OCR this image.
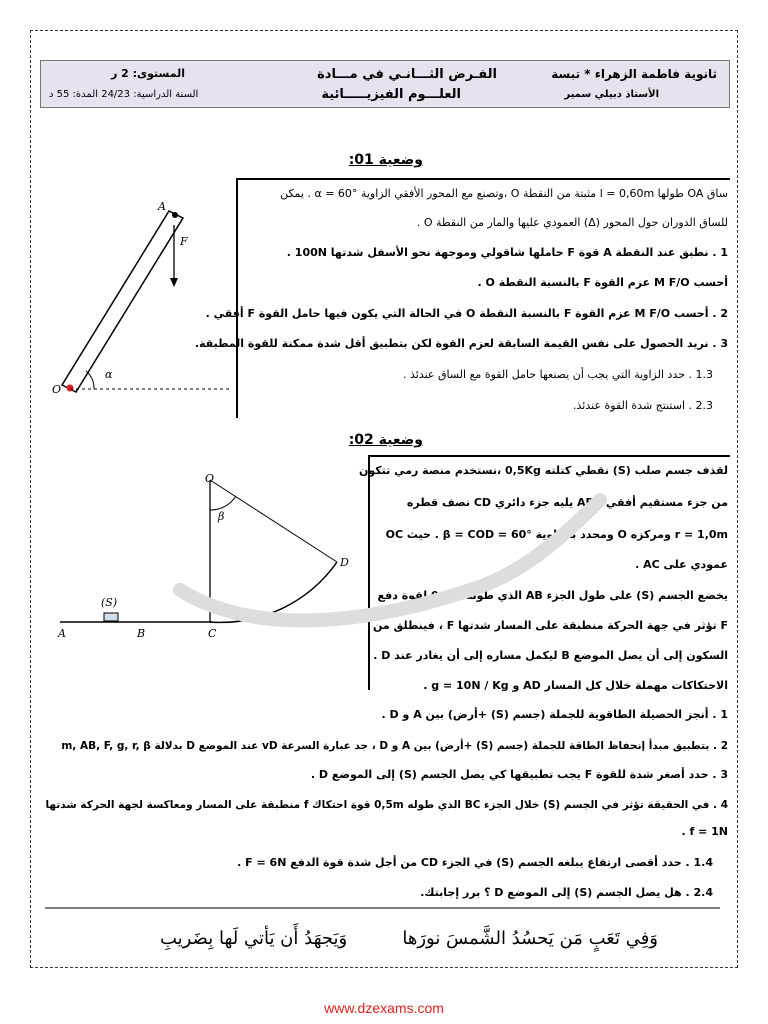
ثانوية فاطمة الزهراء * تبسة
الأستاذ دبيلي سمير
الفـرض الثـــانـي في مـــادة
العلـــوم الفيزيـــــائية
المستوى: 2 ر
السنة الدراسية: 24/23 المدة: 55 د
وضعية 01:
ساق OA طولها l = 0,60m مثبتة من النقطة O ،وتصنع مع المحور الأفقي الزاوية α = 60° . يمكن
للساق الدوران حول المحور (Δ) العمودي عليها والمار من النقطة O .
1 . نطبق عند النقطة A قوة F حاملها شاقولي وموجهة نحو الأسفل شدتها 100N .
أحسب M F/O عزم القوة F بالنسبة النقطة O .
2 . أحسب M F/O عزم القوة F بالنسبة النقطة O في الحالة التي يكون فيها حامل القوة F أفقي .
3 . نريد الحصول على نفس القيمة السابقة لعزم القوة لكن بتطبيق أقل شدة ممكنة للقوة المطبقة.
1.3 . حدد الزاوية التي يجب أن يصنعها حامل القوة مع الساق عندئذ .
2.3 . استنتج شدة القوة عندئذ.
وضعية 02:
لقذف جسم صلب (S) نقطي كتلته 0,5Kg ،نستخدم منصة رمي تتكون
من جزء مستقيم أفقي ABC يليه جزء دائري CD نصف قطره
r = 1,0m ومركزه O ومحدد بالزاوية β = COD = 60° . حيث OC
عمودي على AC .
يخضع الجسم (S) على طول الجزء AB الذي طوله 0,5m لقوة دفع
F تؤثر في جهة الحركة منطبقة على المسار شدتها F ، فينطلق من
السكون إلى أن يصل الموضع B ليكمل مساره إلى أن يغادر عند D .
الاحتكاكات مهملة خلال كل المسار AD و g = 10N / Kg .
1 . أنجز الحصيلة الطاقوية للجملة (جسم (S) +أرض) بين A و D .
2 . بتطبيق مبدأ إنحفاظ الطاقة للجملة (جسم (S) +أرض) بين A و D ، جد عبارة السرعة vD عند الموضع D بدلالة m, AB, F, g, r, β
3 . حدد أصغر شدة للقوة F يجب تطبيقها كي يصل الجسم (S) إلى الموضع D .
4 . في الحقيقة تؤثر في الجسم (S) خلال الجزء BC الذي طوله 0,5m قوة احتكاك f منطبقة على المسار ومعاكسة لجهة الحركة شدتها
f = 1N .
1.4 . حدد أقصى ارتفاع يبلغه الجسم (S) في الجزء CD من أجل شدة قوة الدفع F = 6N .
2.4 . هل يصل الجسم (S) إلى الموضع D ؟ برر إجابتك.
A
O
F
α
O
D
β
(S)
A	B	C
وَفِي تَعَبٍ مَن يَحسُدُ الشَّمسَ نورَها
وَيَجهَدُ أَن يَأتي لَها بِضَريبِ
www.dzexams.com
